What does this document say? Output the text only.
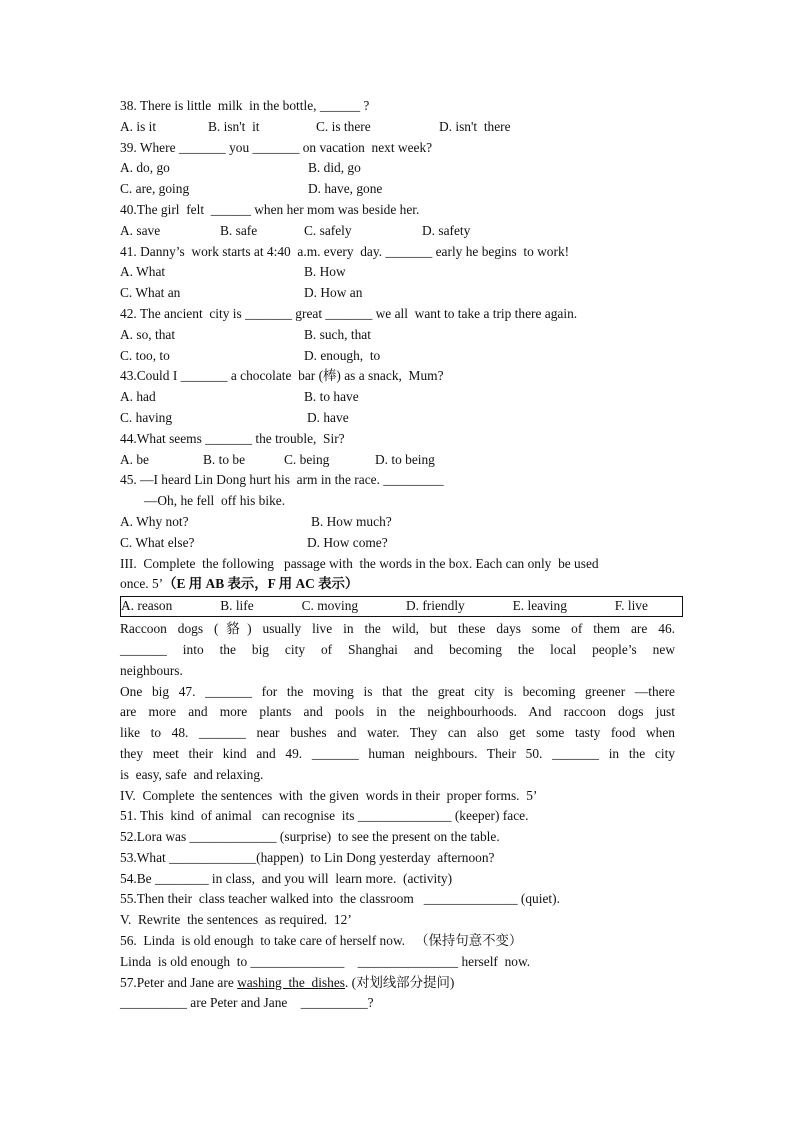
38. There is little  milk  in the bottle, ______ ?
A. is it	B. isn't  it	C. is there	D. isn't  there
39. Where _______ you _______ on vacation  next week?
A. do, go	B. did, go
C. are, going	D. have, gone
40.The girl  felt  ______ when her mom was beside her.
A. save	B. safe	C. safely	D. safety
41. Danny’s  work starts at 4:40  a.m. every  day. _______ early he begins  to work!
A. What	B. How
C. What an	D. How an
42. The ancient  city is _______ great _______ we all  want to take a trip there again.
A. so, that	B. such, that
C. too, to	D. enough,  to
43.Could I _______ a chocolate  bar (棒) as a snack,  Mum?
A. had	B. to have
C. having	D. have
44.What seems _______ the trouble,  Sir?
A. be	B. to be	C. being	D. to being
45. —I heard Lin Dong hurt his  arm in the race. _________
—Oh, he fell  off his bike.
A. Why not?	B. How much?
C. What else?	D. How come?
III.  Complete  the following   passage with  the words in the box. Each can only  be used
once. 5’（E 用 AB 表示，F 用 AC 表示）
A. reason	B. life	C. moving	D. friendly	E. leaving	F. live
Raccoon dogs (貉) usually live in the wild, but these days some of them are 46.
_______ into the big city of Shanghai and becoming the local people’s new
neighbours.
One big 47. _______ for the moving is that the great city is becoming greener —there
are more and more plants and pools in the neighbourhoods. And raccoon dogs just
like to 48. _______ near bushes and water. They can also get some tasty food when
they meet their kind and 49. _______ human neighbours. Their 50. _______ in the city
is  easy, safe  and relaxing.
IV.  Complete  the sentences  with  the given  words in their  proper forms.  5’
51. This  kind  of animal   can recognise  its ______________ (keeper) face.
52.Lora was _____________ (surprise)  to see the present on the table.
53.What _____________(happen)  to Lin Dong yesterday  afternoon?
54.Be ________ in class,  and you will  learn more.  (activity)
55.Then their  class teacher walked into  the classroom   ______________ (quiet).
V.  Rewrite  the sentences  as required.  12’
56.  Linda  is old enough  to take care of herself now.   （保持句意不变）
Linda  is old enough  to ______________    _______________ herself  now.
57.Peter and Jane are washing  the  dishes. (对划线部分提问)
__________ are Peter and Jane    __________?
